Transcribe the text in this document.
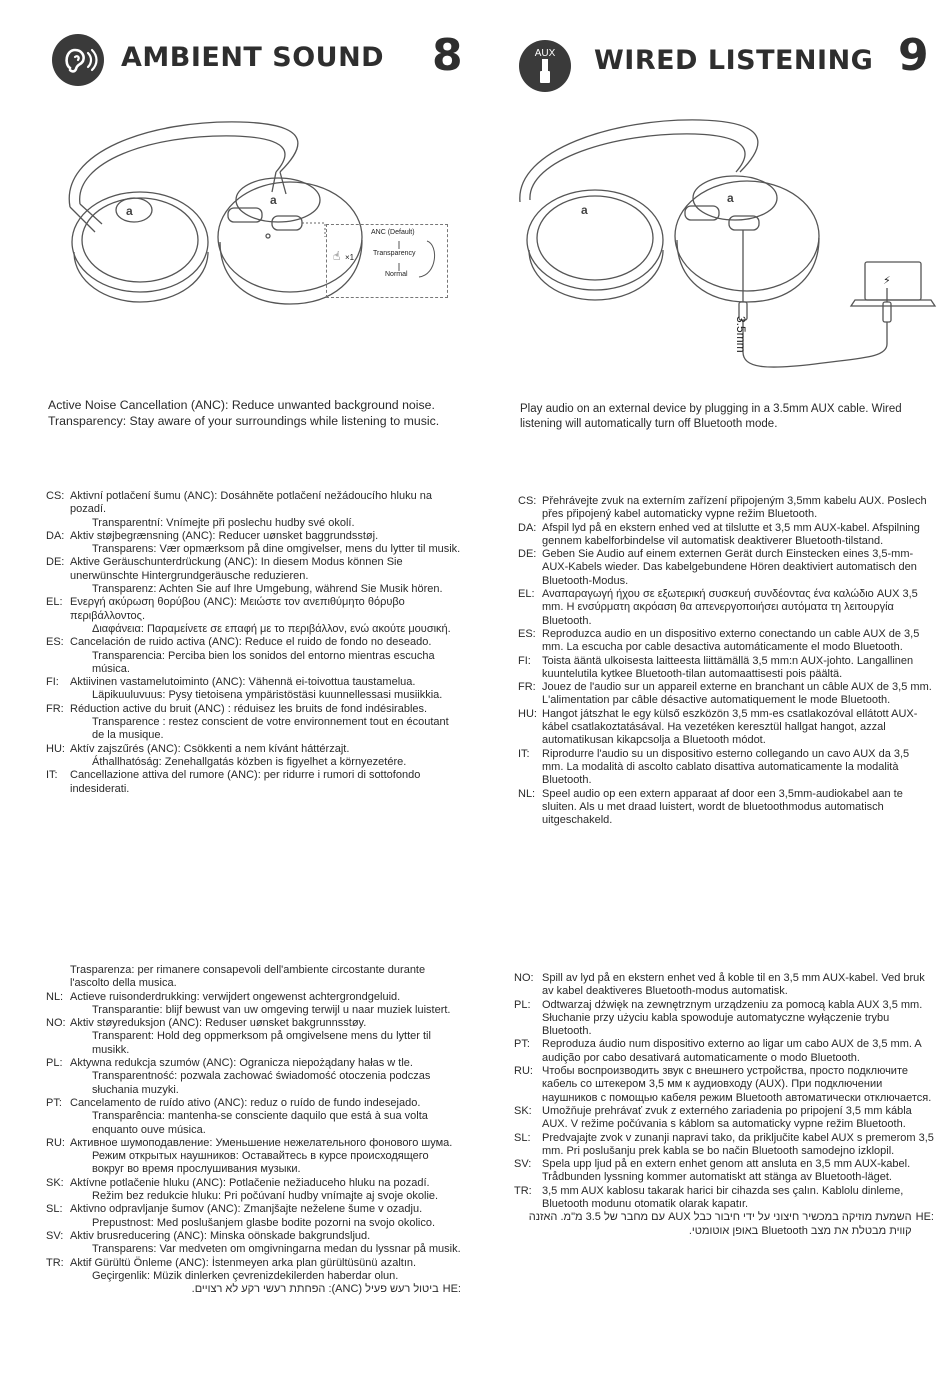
AMBIENT SOUND 8
a
a
☝ ×1
ANC (Default)
Transparency
Normal
Active Noise Cancellation (ANC): Reduce unwanted background noise.
Transparency: Stay aware of your surroundings while listening to music.
CS: Aktivní potlačení šumu (ANC): Dosáhněte potlačení nežádoucího hluku na pozadí.
Transparentní: Vnímejte při poslechu hudby své okolí.
DA: Aktiv støjbegrænsning (ANC): Reducer uønsket baggrundsstøj.
Transparens: Vær opmærksom på dine omgivelser, mens du lytter til musik.
DE: Aktive Geräuschunterdrückung (ANC): In diesem Modus können Sie unerwünschte Hintergrundgeräusche reduzieren.
Transparenz: Achten Sie auf Ihre Umgebung, während Sie Musik hören.
EL: Ενεργή ακύρωση θορύβου (ANC): Μειώστε τον ανεπιθύμητο θόρυβο περιβάλλοντος.
Διαφάνεια: Παραμείνετε σε επαφή με το περιβάλλον, ενώ ακούτε μουσική.
ES: Cancelación de ruido activa (ANC): Reduce el ruido de fondo no deseado.
Transparencia: Perciba bien los sonidos del entorno mientras escucha música.
FI:	Aktiivinen vastamelutoiminto (ANC): Vähennä ei-toivottua taustamelua.
Läpikuuluvuus: Pysy tietoisena ympäristöstäsi kuunnellessasi musiikkia.
FR: Réduction active du bruit (ANC) : réduisez les bruits de fond indésirables.
Transparence : restez conscient de votre environnement tout en écoutant de la musique.
HU: Aktív zajszűrés (ANC): Csökkenti a nem kívánt háttérzajt.
Áthallhatóság: Zenehallgatás közben is figyelhet a környezetére.
IT:	Cancellazione attiva del rumore (ANC): per ridurre i rumori di sottofondo indesiderati.
Trasparenza: per rimanere consapevoli dell'ambiente circostante durante l'ascolto della musica.
NL: Actieve ruisonderdrukking: verwijdert ongewenst achtergrondgeluid.
Transparantie: blijf bewust van uw omgeving terwijl u naar muziek luistert.
NO: Aktiv støyreduksjon (ANC): Reduser uønsket bakgrunnsstøy.
Transparent: Hold deg oppmerksom på omgivelsene mens du lytter til musikk.
PL: Aktywna redukcja szumów (ANC): Ogranicza niepożądany hałas w tle.
Transparentność: pozwala zachować świadomość otoczenia podczas słuchania muzyki.
PT: Cancelamento de ruído ativo (ANC): reduz o ruído de fundo indesejado.
Transparência: mantenha-se consciente daquilo que está à sua volta enquanto ouve música.
RU: Активное шумоподавление: Уменьшение нежелательного фонового шума.
Режим открытых наушников: Оставайтесь в курсе происходящего вокруг во время прослушивания музыки.
SK: Aktívne potlačenie hluku (ANC): Potlačenie nežiaduceho hluku na pozadí.
Režim bez redukcie hluku: Pri počúvaní hudby vnímajte aj svoje okolie.
SL: Aktivno odpravljanje šumov (ANC): Zmanjšajte neželene šume v ozadju.
Prepustnost: Med poslušanjem glasbe bodite pozorni na svojo okolico.
SV: Aktiv brusreducering (ANC): Minska oönskade bakgrundsljud.
Transparens: Var medveten om omgivningarna medan du lyssnar på musik.
TR: Aktif Gürültü Önleme (ANC): İstenmeyen arka plan gürültüsünü azaltın.
Geçirgenlik: Müzik dinlerken çevrenizdekilerden haberdar olun.
ביטול רעש פעיל (ANC): הפחתת רעשי רקע לא רצויים. HE:
AUX WIRED LISTENING 9
a
a
⚡
3.5mm
Play audio on an external device by plugging in a 3.5mm AUX cable. Wired listening will automatically turn off Bluetooth mode.
CS: Přehrávejte zvuk na externím zařízení připojeným 3,5mm kabelu AUX. Poslech přes připojený kabel automaticky vypne režim Bluetooth.
DA: Afspil lyd på en ekstern enhed ved at tilslutte et 3,5 mm AUX-kabel. Afspilning gennem kabelforbindelse vil automatisk deaktiverer Bluetooth-tilstand.
DE: Geben Sie Audio auf einem externen Gerät durch Einstecken eines 3,5-mm-AUX-Kabels wieder. Das kabelgebundene Hören deaktiviert automatisch den Bluetooth-Modus.
EL: Αναπαραγωγή ήχου σε εξωτερική συσκευή συνδέοντας ένα καλώδιο AUX 3,5 mm. Η ενσύρματη ακρόαση θα απενεργοποιήσει αυτόματα τη λειτουργία Bluetooth.
ES: Reproduzca audio en un dispositivo externo conectando un cable AUX de 3,5 mm. La escucha por cable desactiva automáticamente el modo Bluetooth.
FI:	Toista ääntä ulkoisesta laitteesta liittämällä 3,5 mm:n AUX-johto. Langallinen kuuntelutila kytkee Bluetooth-tilan automaattisesti pois päältä.
FR: Jouez de l'audio sur un appareil externe en branchant un câble AUX de 3,5 mm. L'alimentation par câble désactive automatiquement le mode Bluetooth.
HU: Hangot játszhat le egy külső eszközön 3,5 mm-es csatlakozóval ellátott AUX-kábel csatlakoztatásával. Ha vezetéken keresztül hallgat hangot, azzal automatikusan kikapcsolja a Bluetooth módot.
IT:	Riprodurre l'audio su un dispositivo esterno collegando un cavo AUX da 3,5 mm. La modalità di ascolto cablato disattiva automaticamente la modalità Bluetooth.
NL: Speel audio op een extern apparaat af door een 3,5mm-audiokabel aan te sluiten. Als u met draad luistert, wordt de bluetoothmodus automatisch uitgeschakeld.
NO: Spill av lyd på en ekstern enhet ved å koble til en 3,5 mm AUX-kabel. Ved bruk av kabel deaktiveres Bluetooth-modus automatisk.
PL:	Odtwarzaj dźwięk na zewnętrznym urządzeniu za pomocą kabla AUX 3,5 mm. Słuchanie przy użyciu kabla spowoduje automatyczne wyłączenie trybu Bluetooth.
PT:	Reproduza áudio num dispositivo externo ao ligar um cabo AUX de 3,5 mm. A audição por cabo desativará automaticamente o modo Bluetooth.
RU: Чтобы воспроизводить звук с внешнего устройства, просто подключите кабель со штекером 3,5 мм к аудиовходу (AUX). При подключении наушников с помощью кабеля режим Bluetooth автоматически отключается.
SK: Umožňuje prehrávať zvuk z externého zariadenia po pripojení 3,5 mm kábla AUX. V režime počúvania s káblom sa automaticky vypne režim Bluetooth.
SL:	Predvajajte zvok v zunanji napravi tako, da priključite kabel AUX s premerom 3,5 mm. Pri poslušanju prek kabla se bo način Bluetooth samodejno izklopil.
SV: Spela upp ljud på en extern enhet genom att ansluta en 3,5 mm AUX-kabel. Trådbunden lyssning kommer automatiskt att stänga av Bluetooth-läget.
TR: 3,5 mm AUX kablosu takarak harici bir cihazda ses çalın. Kablolu dinleme, Bluetooth modunu otomatik olarak kapatır.
השמעת מוזיקה במכשיר חיצוני על ידי חיבור כבל AUX עם מחבר של 3.5 מ"מ. האזנה קווית מבטלת את מצב Bluetooth באופן אוטומטי.
HE:
